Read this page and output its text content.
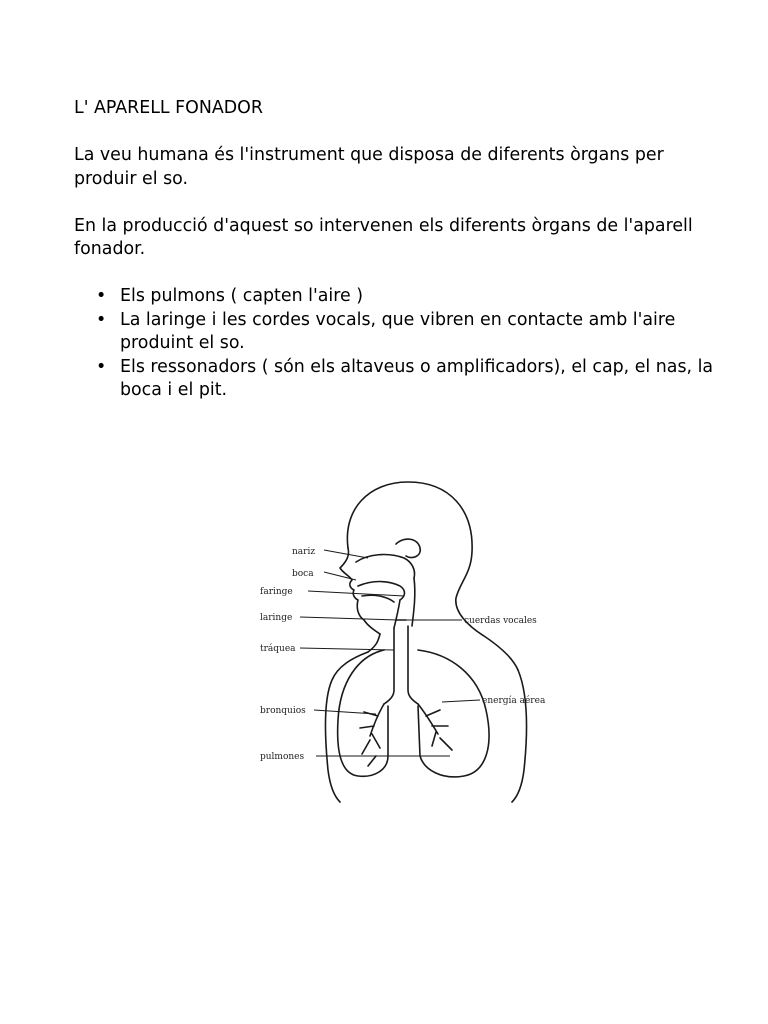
L' APARELL FONADOR

La veu humana és l'instrument que disposa de diferents òrgans per produir el so.

En la producció d'aquest so intervenen els diferents òrgans de l'aparell fonador.

• Els pulmons ( capten l'aire )
• La laringe i les cordes vocals, que vibren en contacte amb l'aire produint el so.
• Els ressonadors ( són els altaveus o amplificadors), el cap, el nas, la boca i el pit.
nariz
boca
faringe
laringe
tráquea
bronquios
pulmones
cuerdas vocales
energía aérea
